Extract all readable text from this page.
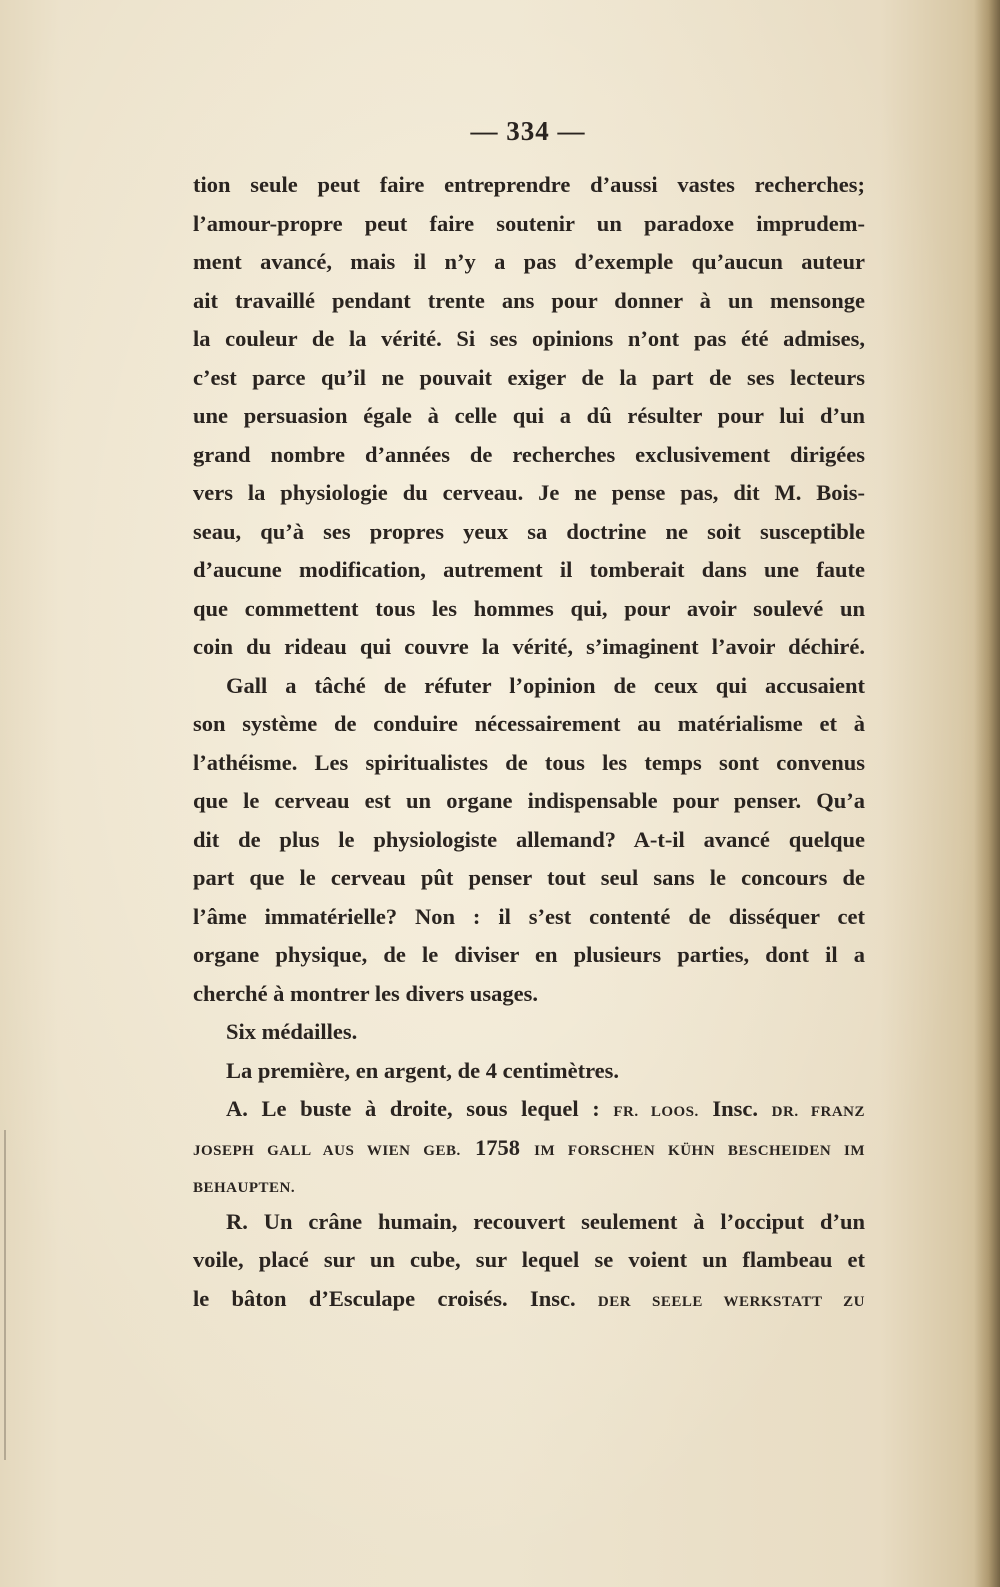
— 334 —
tion seule peut faire entreprendre d’aussi vastes recherches;
l’amour-propre peut faire soutenir un paradoxe imprudem-
ment avancé, mais il n’y a pas d’exemple qu’aucun auteur
ait travaillé pendant trente ans pour donner à un mensonge
la couleur de la vérité. Si ses opinions n’ont pas été admises,
c’est parce qu’il ne pouvait exiger de la part de ses lecteurs
une persuasion égale à celle qui a dû résulter pour lui d’un
grand nombre d’années de recherches exclusivement dirigées
vers la physiologie du cerveau. Je ne pense pas, dit M. Bois-
seau, qu’à ses propres yeux sa doctrine ne soit susceptible
d’aucune modification, autrement il tomberait dans une faute
que commettent tous les hommes qui, pour avoir soulevé un
coin du rideau qui couvre la vérité, s’imaginent l’avoir déchiré.
Gall a tâché de réfuter l’opinion de ceux qui accusaient
son système de conduire nécessairement au matérialisme et à
l’athéisme. Les spiritualistes de tous les temps sont convenus
que le cerveau est un organe indispensable pour penser. Qu’a
dit de plus le physiologiste allemand? A-t-il avancé quelque
part que le cerveau pût penser tout seul sans le concours de
l’âme immatérielle? Non : il s’est contenté de disséquer cet
organe physique, de le diviser en plusieurs parties, dont il a
cherché à montrer les divers usages.
Six médailles.
La première, en argent, de 4 centimètres.
A. Le buste à droite, sous lequel : FR. LOOS. Insc. DR. FRANZ
JOSEPH GALL AUS WIEN GEB. 1758 IM FORSCHEN KÜHN BESCHEIDEN IM
BEHAUPTEN.
R. Un crâne humain, recouvert seulement à l’occiput d’un
voile, placé sur un cube, sur lequel se voient un flambeau et
le bâton d’Esculape croisés. Insc. DER SEELE WERKSTATT ZU
